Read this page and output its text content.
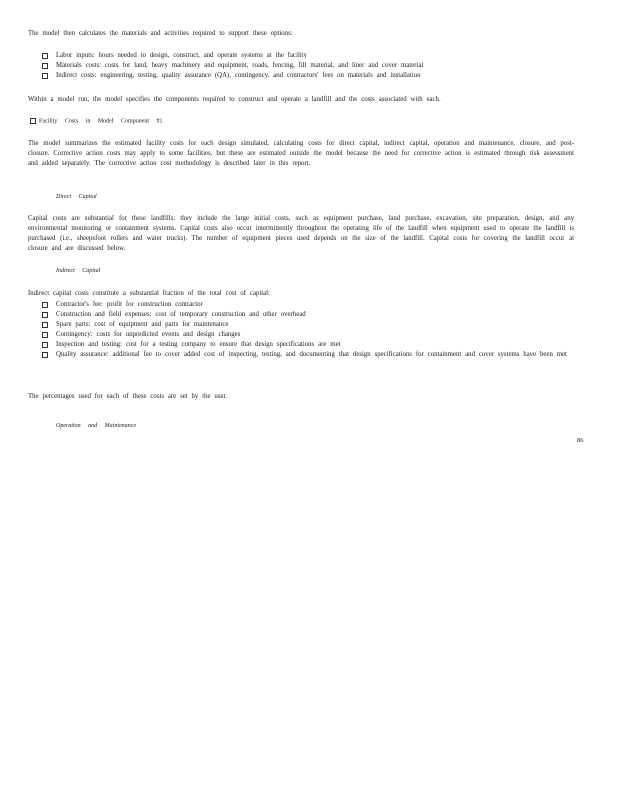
The model then calculates the materials and activities required to support these options:

Labor inputs: hours needed to design, construct, and operate systems at the facility
Materials costs: costs for land, heavy machinery and equipment, roads, fencing, fill material, and liner and cover material
Indirect costs: engineering, testing, quality assurance (QA), contingency, and contractors' fees on materials and installation

Within a model run, the model specifies the components required to construct and operate a landfill and the costs associated with each.

Facility Costs in Model Component #1

The model summarizes the estimated facility costs for each design simulated, calculating costs for direct capital, indirect capital, operation and maintenance, closure, and post-closure. Corrective action costs may apply to some facilities, but these are estimated outside the model because the need for corrective action is estimated through risk assessment and added separately. The corrective action cost methodology is described later in this report.

Direct Capital

Capital costs are substantial for these landfills; they include the large initial costs, such as equipment purchase, land purchase, excavation, site preparation, design, and any environmental monitoring or containment systems. Capital costs also occur intermittently throughout the operating life of the landfill when equipment used to operate the landfill is purchased (i.e., sheepsfoot rollers and water trucks). The number of equipment pieces used depends on the size of the landfill. Capital costs for covering the landfill occur at closure and are discussed below.

Indirect Capital

Indirect capital costs constitute a substantial fraction of the total cost of capital:

Contractor's fee: profit for construction contractor
Construction and field expenses: cost of temporary construction and other overhead
Spare parts: cost of equipment and parts for maintenance
Contingency: costs for unpredicted events and design changes
Inspection and testing: cost for a testing company to ensure that design specifications are met
Quality assurance: additional fee to cover added cost of inspecting, testing, and documenting that design specifications for containment and cover systems have been met

The percentages used for each of these costs are set by the user.

Operation and Maintenance

86
